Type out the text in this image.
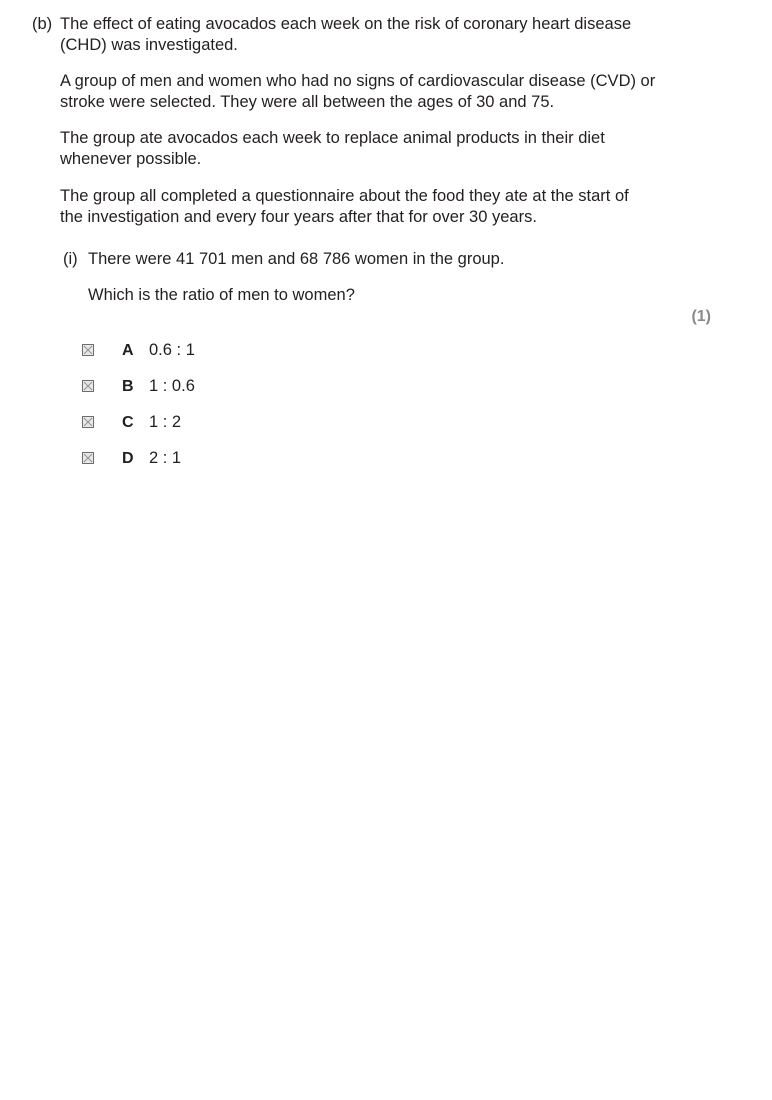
(b) The effect of eating avocados each week on the risk of coronary heart disease
(CHD) was investigated.

A group of men and women who had no signs of cardiovascular disease (CVD) or
stroke were selected. They were all between the ages of 30 and 75.

The group ate avocados each week to replace animal products in their diet
whenever possible.

The group all completed a questionnaire about the food they ate at the start of
the investigation and every four years after that for over 30 years.

(i) There were 41 701 men and 68 786 women in the group.

Which is the ratio of men to women?

(1)
A 0.6 : 1
B 1 : 0.6
C 1 : 2
D 2 : 1
